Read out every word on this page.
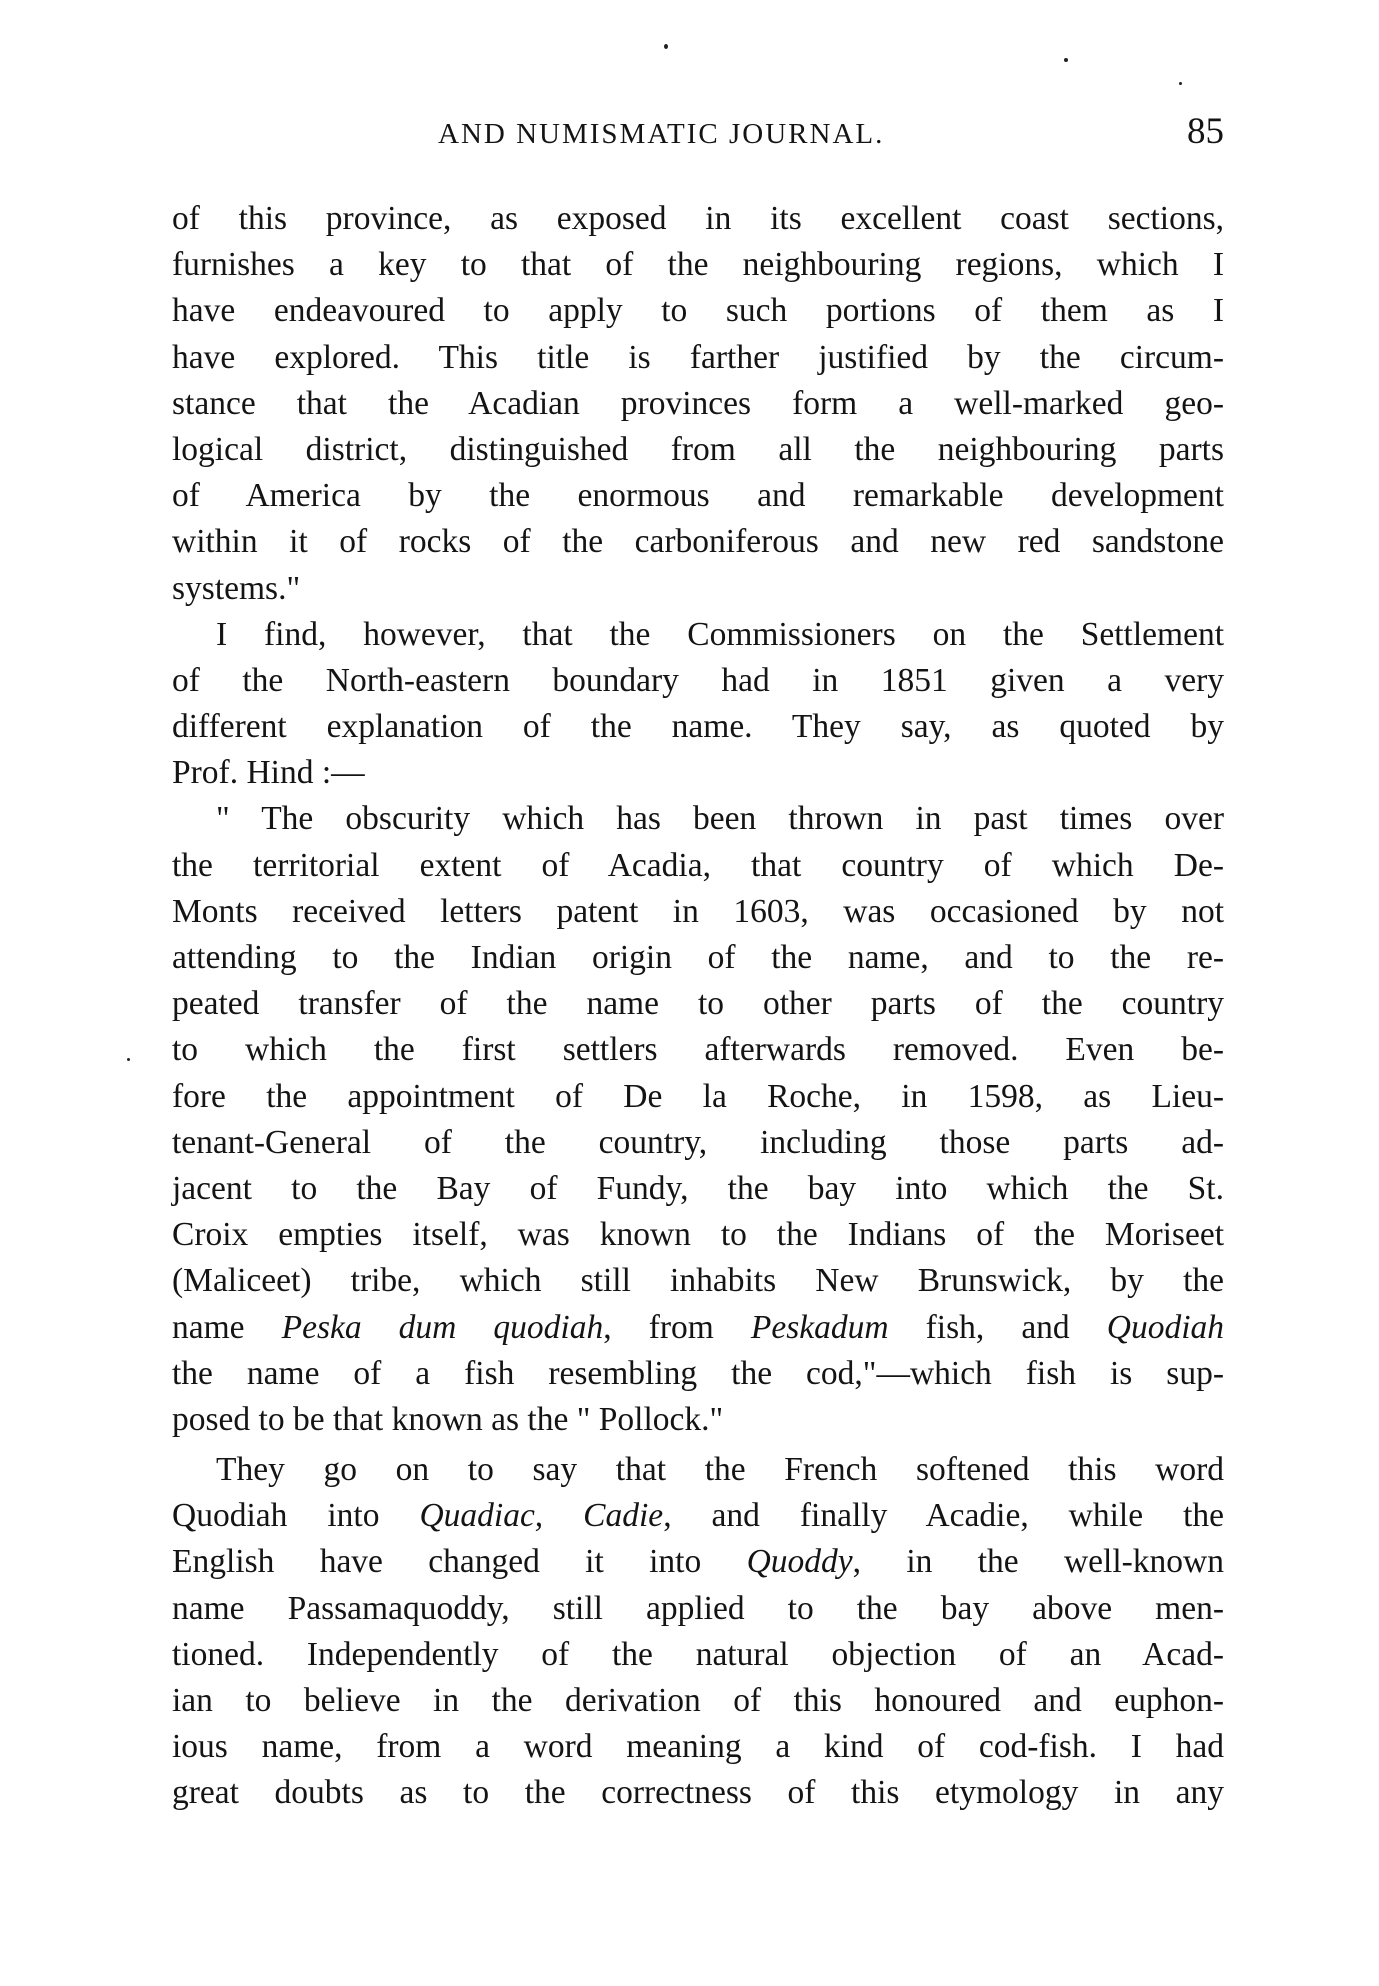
AND NUMISMATIC JOURNAL.	85
of this province, as exposed in its excellent coast sections,
furnishes a key to that of the neighbouring regions, which I
have endeavoured to apply to such portions of them as I
have explored. This title is farther justified by the circum-
stance that the Acadian provinces form a well-marked geo-
logical district, distinguished from all the neighbouring parts
of America by the enormous and remarkable development
within it of rocks of the carboniferous and new red sandstone
systems."
I find, however, that the Commissioners on the Settlement
of the North-eastern boundary had in 1851 given a very
different explanation of the name. They say, as quoted by
Prof. Hind :—
" The obscurity which has been thrown in past times over
the territorial extent of Acadia, that country of which De-
Monts received letters patent in 1603, was occasioned by not
attending to the Indian origin of the name, and to the re-
peated transfer of the name to other parts of the country
to which the first settlers afterwards removed. Even be-
fore the appointment of De la Roche, in 1598, as Lieu-
tenant-General of the country, including those parts ad-
jacent to the Bay of Fundy, the bay into which the St.
Croix empties itself, was known to the Indians of the Moriseet
(Maliceet) tribe, which still inhabits New Brunswick, by the
name Peska dum quodiah, from Peskadum fish, and Quodiah
the name of a fish resembling the cod,"—which fish is sup-
posed to be that known as the " Pollock."
They go on to say that the French softened this word
Quodiah into Quadiac, Cadie, and finally Acadie, while the
English have changed it into Quoddy, in the well-known
name Passamaquoddy, still applied to the bay above men-
tioned. Independently of the natural objection of an Acad-
ian to believe in the derivation of this honoured and euphon-
ious name, from a word meaning a kind of cod-fish. I had
great doubts as to the correctness of this etymology in any
